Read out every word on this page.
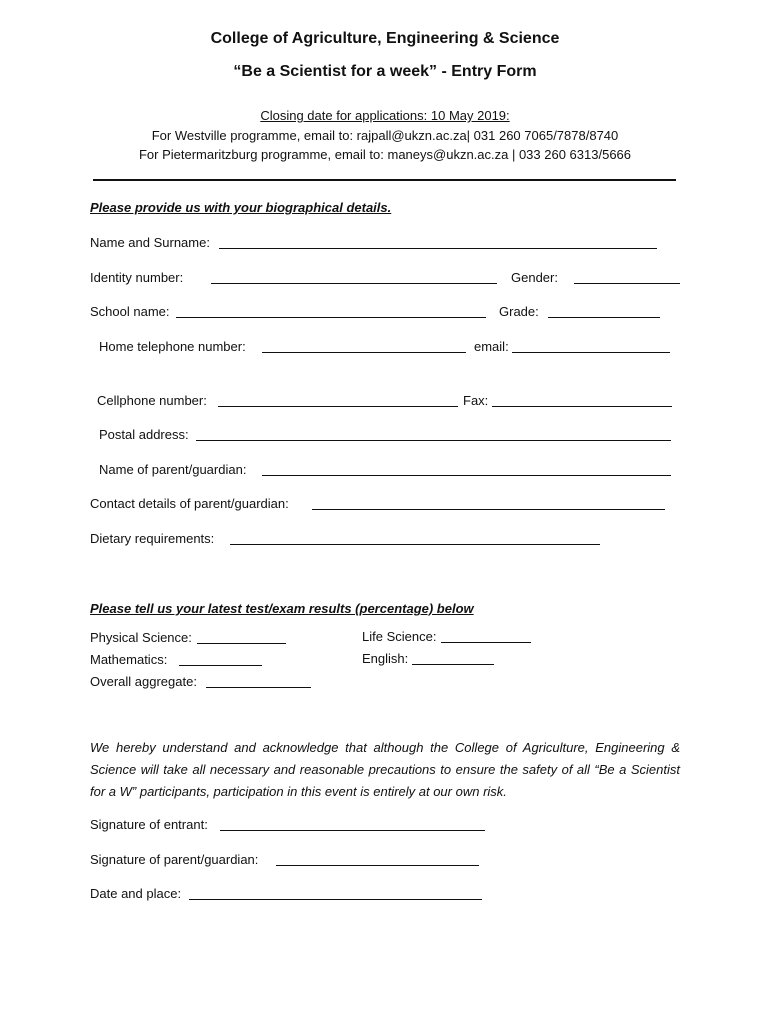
College of Agriculture, Engineering & Science
“Be a Scientist for a week” - Entry Form
Closing date for applications: 10 May 2019:
For Westville programme, email to: rajpall@ukzn.ac.za| 031 260 7065/7878/8740
For Pietermaritzburg programme, email to: maneys@ukzn.ac.za | 033 260 6313/5666
Please provide us with your biographical details.
Name and Surname:
Identity number:	Gender:
School name:	Grade:
Home telephone number:	email:
Cellphone number:	Fax:
Postal address:
Name of parent/guardian:
Contact details of parent/guardian:
Dietary requirements:
Please tell us your latest test/exam results (percentage) below
Physical Science:	Life Science:
Mathematics:	English:
Overall aggregate:
We hereby understand and acknowledge that although the College of Agriculture, Engineering & Science will take all necessary and reasonable precautions to ensure the safety of all “Be a Scientist for a W” participants, participation in this event is entirely at our own risk.
Signature of entrant:
Signature of parent/guardian:
Date and place:
